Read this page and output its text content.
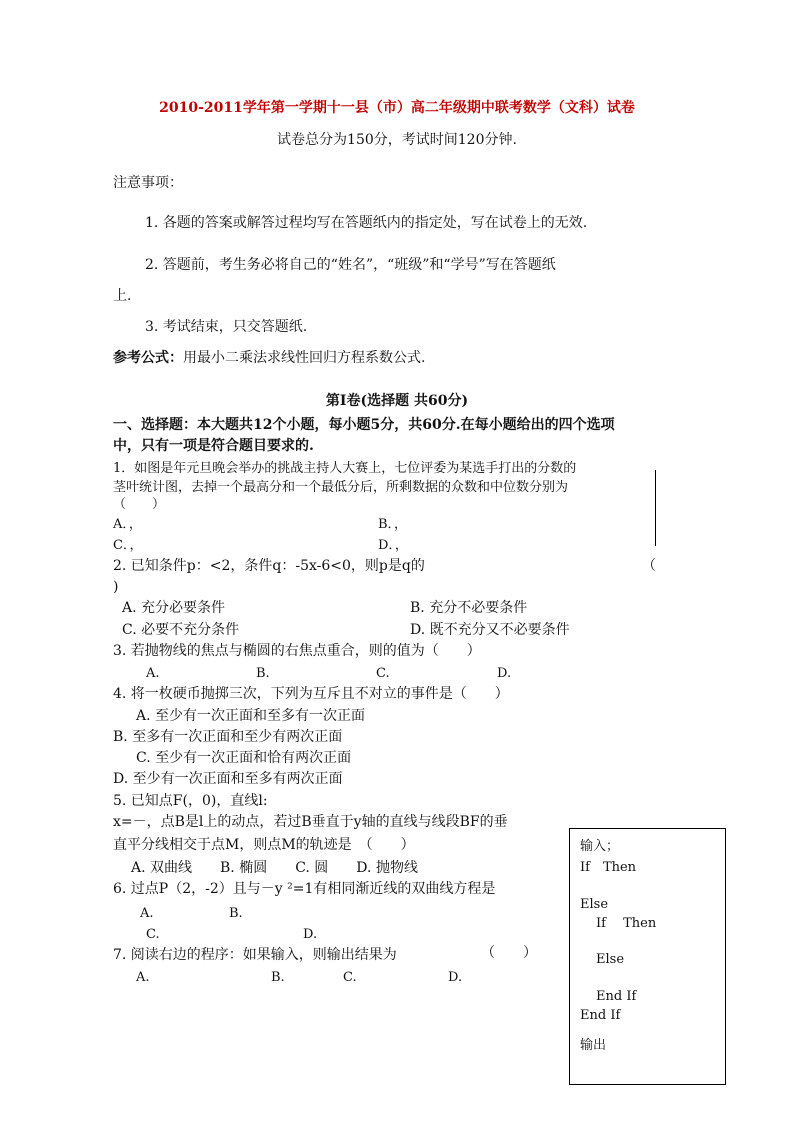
2010-2011学年第一学期十一县（市）高二年级期中联考数学（文科）试卷
试卷总分为150分，考试时间120分钟.
注意事项：
1. 各题的答案或解答过程均写在答题纸内的指定处，写在试卷上的无效.
2. 答题前，考生务必将自己的“姓名”，“班级”和“学号”写在答题纸
上.
3. 考试结束，只交答题纸.
参考公式：用最小二乘法求线性回归方程系数公式.
第Ⅰ卷(选择题 共60分)
一、选择题：本大题共12个小题，每小题5分，共60分.在每小题给出的四个选项
中，只有一项是符合题目要求的.
1．如图是年元旦晚会举办的挑战主持人大赛上，七位评委为某选手打出的分数的
茎叶统计图，去掉一个最高分和一个最低分后，所剩数据的众数和中位数分别为
（　　）
A．，	B．，
C．，	D．，
2. 已知条件p：<2，条件q：-5x-6<0，则p是q的	（
)
A. 充分必要条件	B. 充分不必要条件
C. 必要不充分条件	D. 既不充分又不必要条件
3. 若抛物线的焦点与椭圆的右焦点重合，则的值为（　　）
A.	B.	C.	D.
4. 将一枚硬币抛掷三次，下列为互斥且不对立的事件是（　　）
A. 至少有一次正面和至多有一次正面
B. 至多有一次正面和至少有两次正面
C. 至少有一次正面和恰有两次正面
D. 至少有一次正面和至多有两次正面
5. 已知点F(，0)，直线l:
x=－，点B是l上的动点，若过B垂直于y轴的直线与线段BF的垂
直平分线相交于点M，则点M的轨迹是　（　　）
A. 双曲线　　B. 椭圆　　C. 圆　　D. 抛物线
6. 过点P（2，-2）且与－y ²=1有相同渐近线的双曲线方程是
A.	B.
C.	D.
7. 阅读右边的程序：如果输入，则输出结果为	（　　）
A.	B.	C.	D.
输入；
If　Then
Else
If　 Then
Else
End If
End If
输出
